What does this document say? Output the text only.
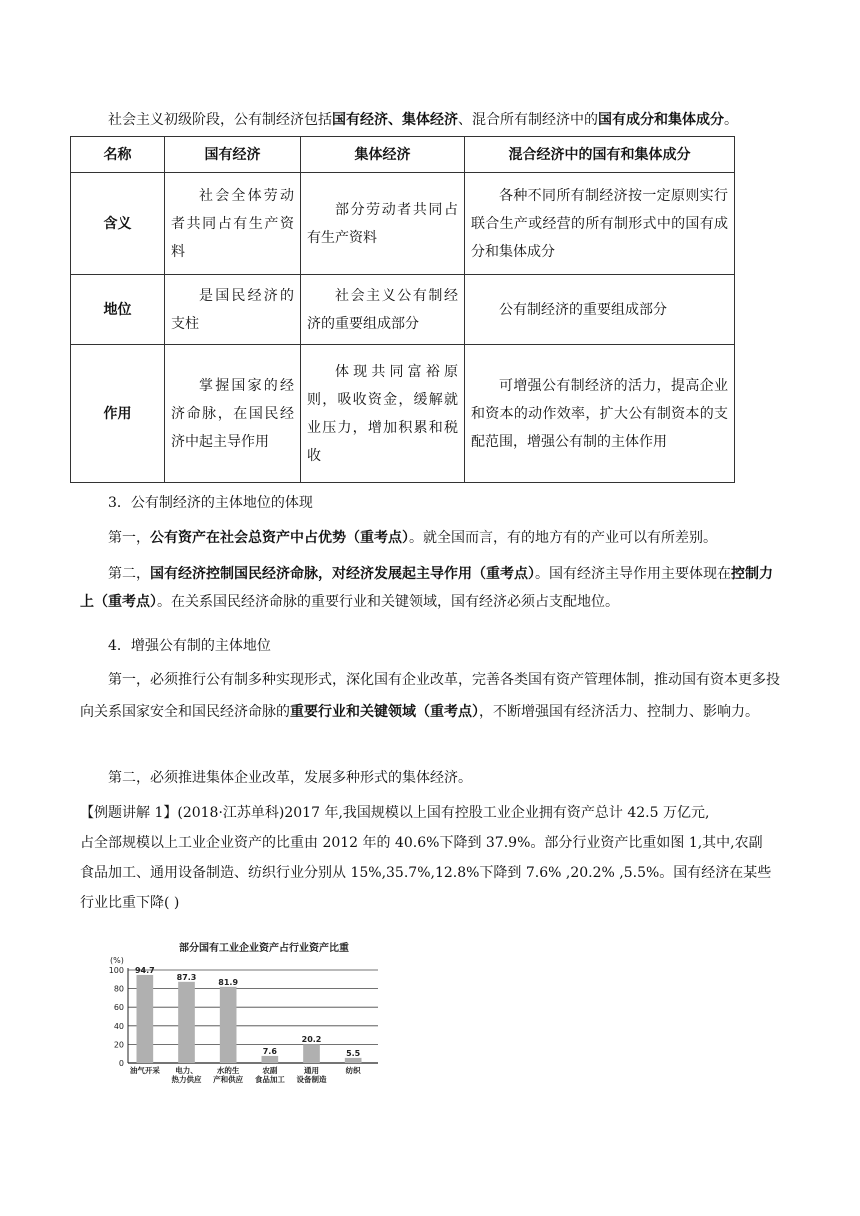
社会主义初级阶段，公有制经济包括国有经济、集体经济、混合所有制经济中的国有成分和集体成分。
名称	国有经济	集体经济	混合经济中的国有和集体成分
含义	社会全体劳动者共同占有生产资料	部分劳动者共同占有生产资料	各种不同所有制经济按一定原则实行联合生产或经营的所有制形式中的国有成分和集体成分
地位	是国民经济的支柱	社会主义公有制经济的重要组成部分	公有制经济的重要组成部分
作用	掌握国家的经济命脉，在国民经济中起主导作用	体现共同富裕原则，吸收资金，缓解就业压力，增加积累和税收	可增强公有制经济的活力，提高企业和资本的动作效率，扩大公有制资本的支配范围，增强公有制的主体作用
3．公有制经济的主体地位的体现
第一，公有资产在社会总资产中占优势（重考点）。就全国而言，有的地方有的产业可以有所差别。
第二，国有经济控制国民经济命脉，对经济发展起主导作用（重考点）。国有经济主导作用主要体现在控制力上（重考点）。在关系国民经济命脉的重要行业和关键领域，国有经济必须占支配地位。
4．增强公有制的主体地位
第一，必须推行公有制多种实现形式，深化国有企业改革，完善各类国有资产管理体制，推动国有资本更多投向关系国家安全和国民经济命脉的重要行业和关键领域（重考点），不断增强国有经济活力、控制力、影响力。
第二，必须推进集体企业改革，发展多种形式的集体经济。
【例题讲解 1】(2018·江苏单科)2017 年,我国规模以上国有控股工业企业拥有资产总计 42.5 万亿元,
占全部规模以上工业企业资产的比重由 2012 年的 40.6%下降到 37.9%。部分行业资产比重如图 1,其中,农副
食品加工、通用设备制造、纺织行业分别从 15%,35.7%,12.8%下降到 7.6% ,20.2% ,5.5%。国有经济在某些
行业比重下降( )
部分国有工业企业资产占行业资产比重
(%)
0
20
40
60
80
100 94.7
油气开采
87.3
电力、
热力供应
81.9
水的生
产和供应
7.6
农副
食品加工
20.2
通用
设备制造
5.5
纺织
